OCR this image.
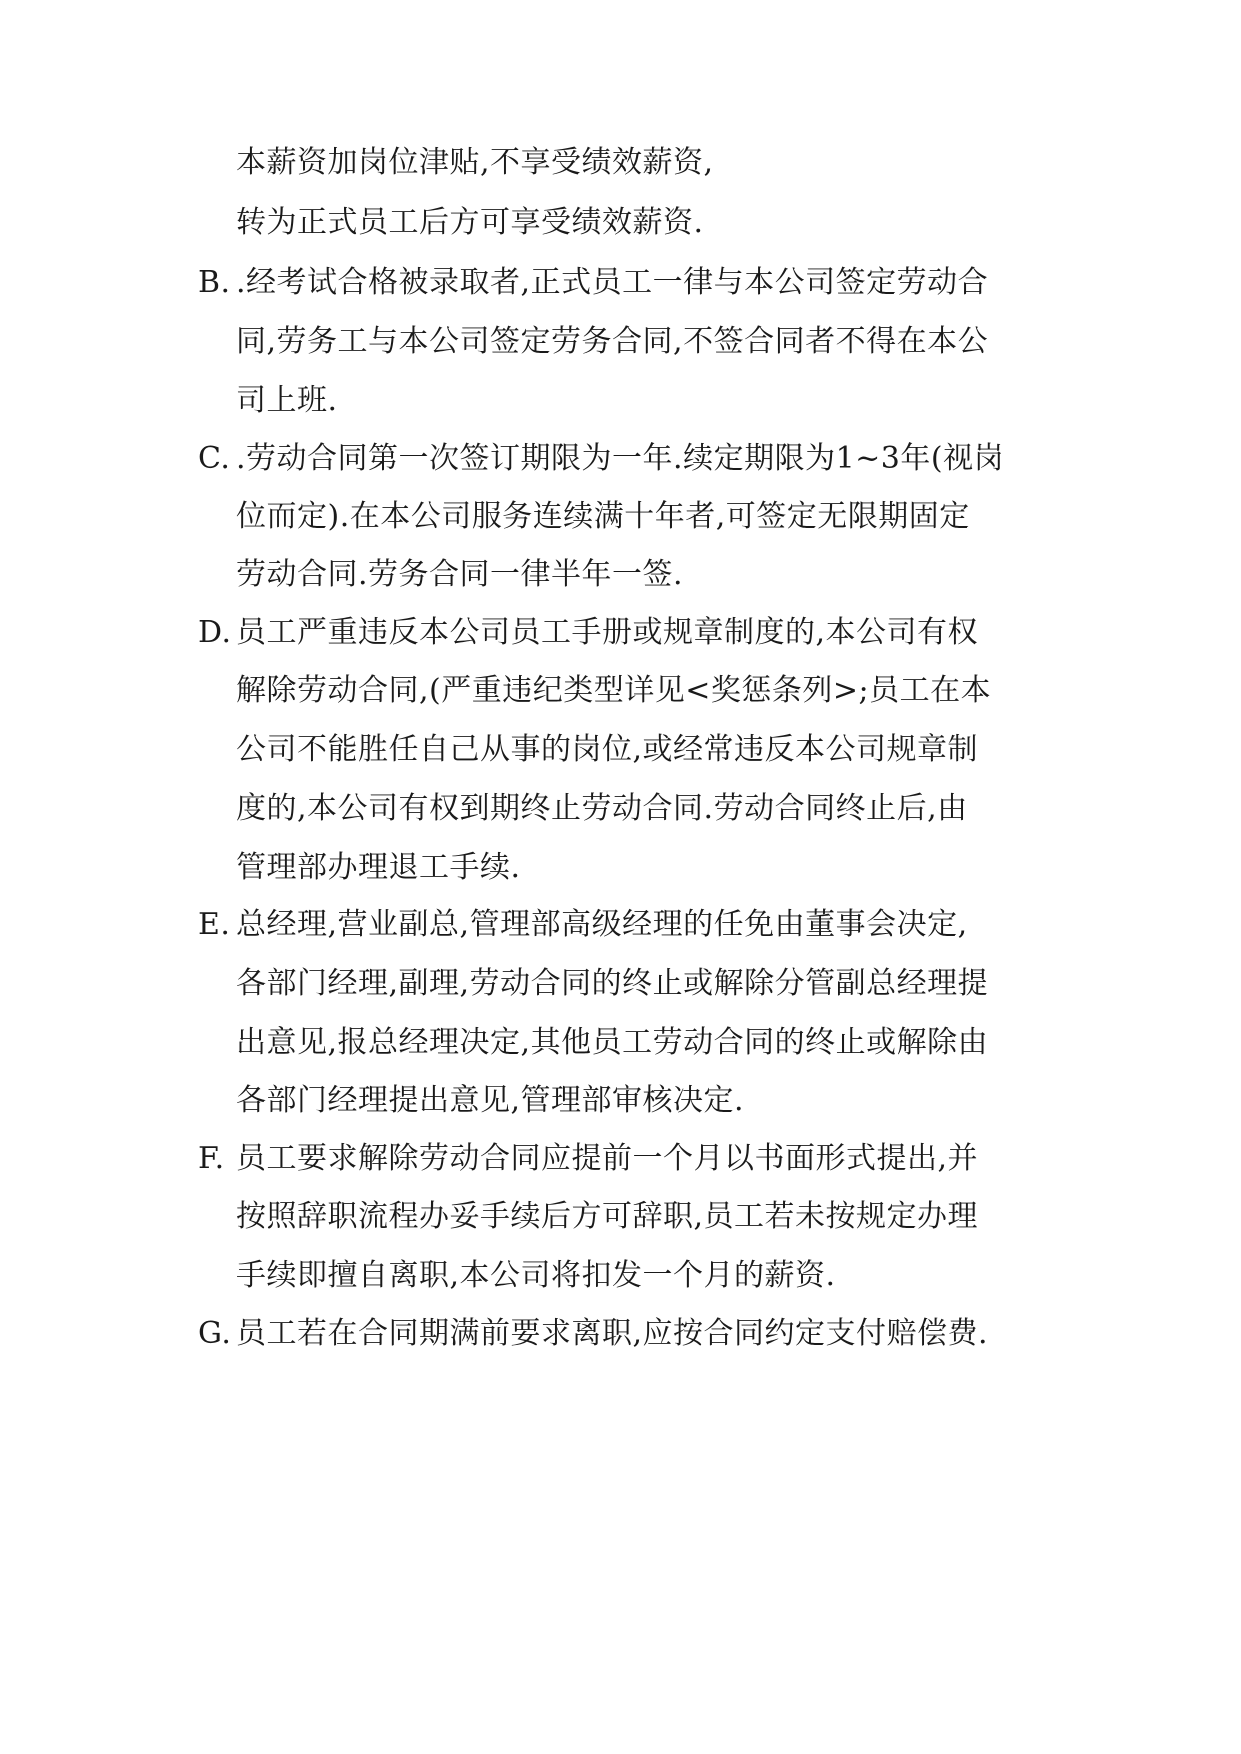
本薪资加岗位津贴,不享受绩效薪资,
转为正式员工后方可享受绩效薪资.
B. .经考试合格被录取者,正式员工一律与本公司签定劳动合
同,劳务工与本公司签定劳务合同,不签合同者不得在本公
司上班.
C. .劳动合同第一次签订期限为一年.续定期限为1~3年(视岗
位而定).在本公司服务连续满十年者,可签定无限期固定
劳动合同.劳务合同一律半年一签.
D. 员工严重违反本公司员工手册或规章制度的,本公司有权
解除劳动合同,(严重违纪类型详见<奖惩条列>;员工在本
公司不能胜任自己从事的岗位,或经常违反本公司规章制
度的,本公司有权到期终止劳动合同.劳动合同终止后,由
管理部办理退工手续.
E. 总经理,营业副总,管理部高级经理的任免由董事会决定,
各部门经理,副理,劳动合同的终止或解除分管副总经理提
出意见,报总经理决定,其他员工劳动合同的终止或解除由
各部门经理提出意见,管理部审核决定.
F. 员工要求解除劳动合同应提前一个月以书面形式提出,并
按照辞职流程办妥手续后方可辞职,员工若未按规定办理
手续即擅自离职,本公司将扣发一个月的薪资.
G. 员工若在合同期满前要求离职,应按合同约定支付赔偿费.
